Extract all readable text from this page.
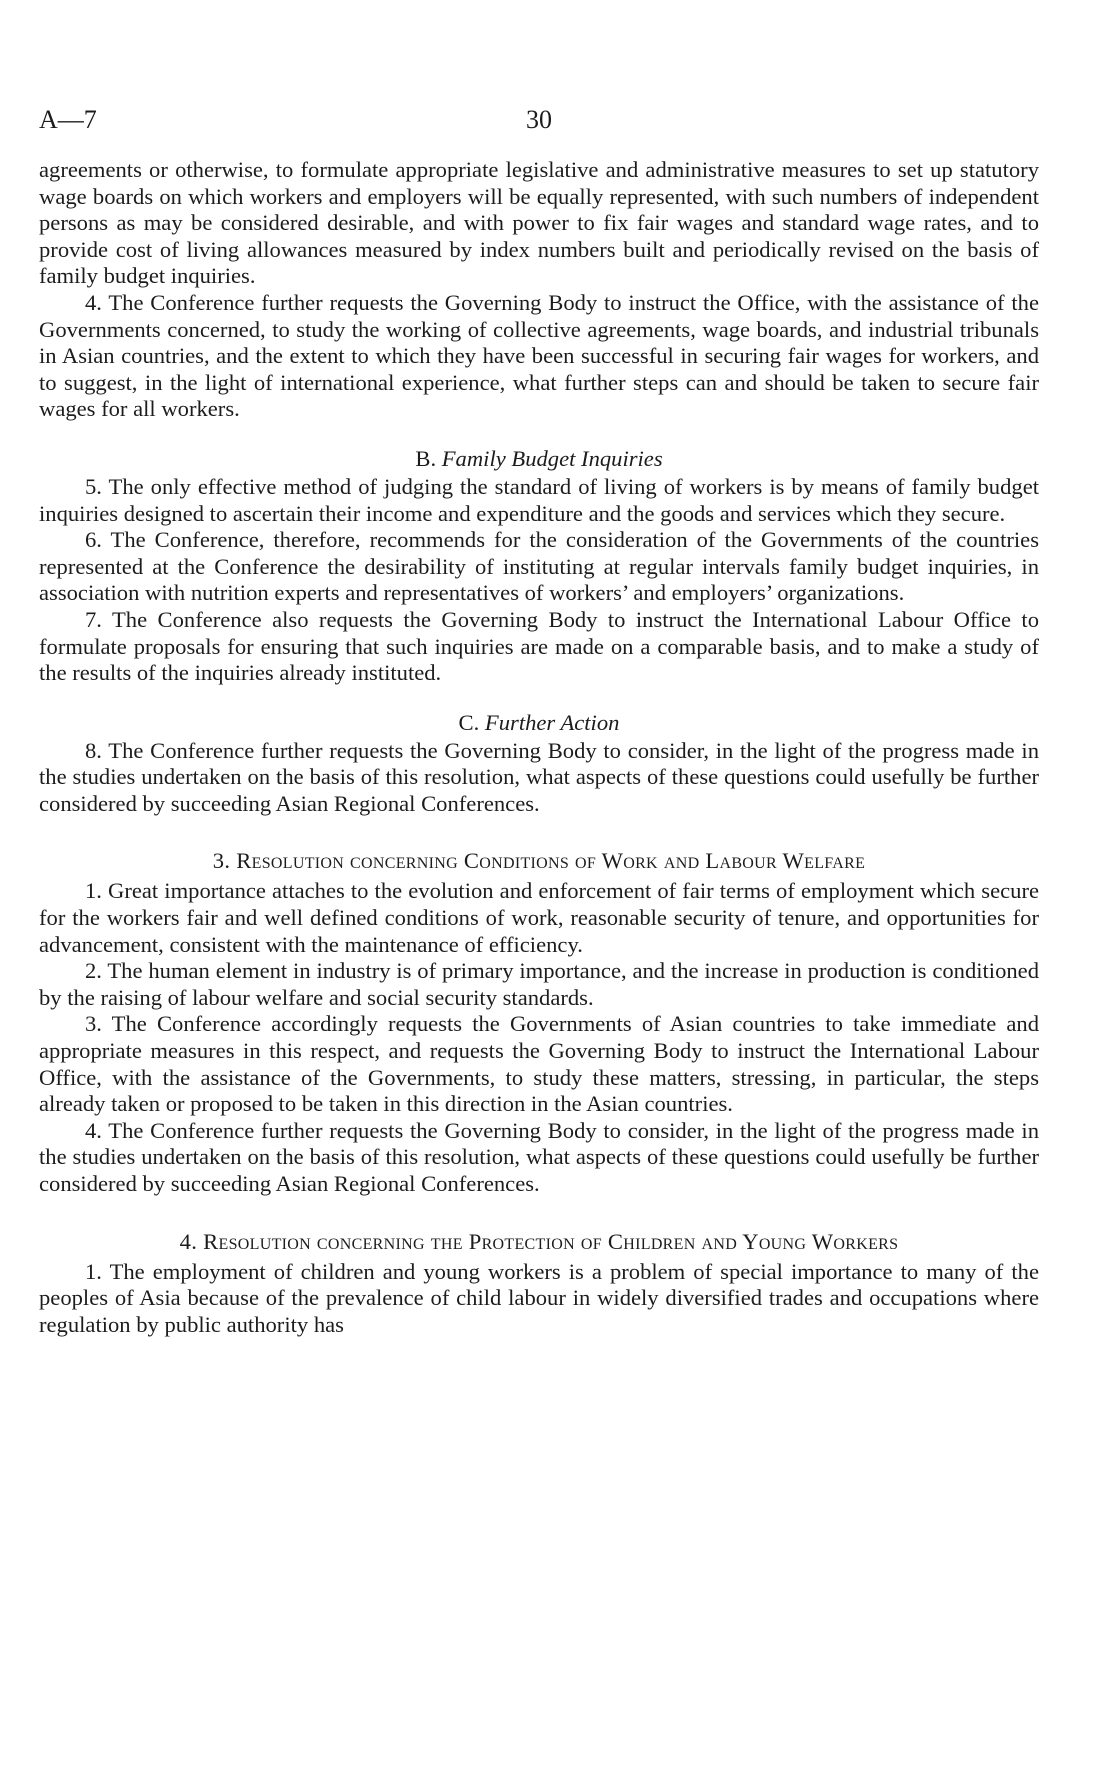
A—7	30

agreements or otherwise, to formulate appropriate legislative and administrative measures to set up statutory wage boards on which workers and employers will be equally represented, with such numbers of independent persons as may be considered desirable, and with power to fix fair wages and standard wage rates, and to provide cost of living allowances measured by index numbers built and periodically revised on the basis of family budget inquiries.

4. The Conference further requests the Governing Body to instruct the Office, with the assistance of the Governments concerned, to study the working of collective agreements, wage boards, and industrial tribunals in Asian countries, and the extent to which they have been successful in securing fair wages for workers, and to suggest, in the light of international experience, what further steps can and should be taken to secure fair wages for all workers.

B. Family Budget Inquiries

5. The only effective method of judging the standard of living of workers is by means of family budget inquiries designed to ascertain their income and expenditure and the goods and services which they secure.

6. The Conference, therefore, recommends for the consideration of the Governments of the countries represented at the Conference the desirability of instituting at regular intervals family budget inquiries, in association with nutrition experts and representatives of workers’ and employers’ organizations.

7. The Conference also requests the Governing Body to instruct the International Labour Office to formulate proposals for ensuring that such inquiries are made on a comparable basis, and to make a study of the results of the inquiries already instituted.

C. Further Action

8. The Conference further requests the Governing Body to consider, in the light of the progress made in the studies undertaken on the basis of this resolution, what aspects of these questions could usefully be further considered by succeeding Asian Regional Conferences.

3. Resolution concerning Conditions of Work and Labour Welfare

1. Great importance attaches to the evolution and enforcement of fair terms of employment which secure for the workers fair and well defined conditions of work, reasonable security of tenure, and opportunities for advancement, consistent with the maintenance of efficiency.

2. The human element in industry is of primary importance, and the increase in production is conditioned by the raising of labour welfare and social security standards.

3. The Conference accordingly requests the Governments of Asian countries to take immediate and appropriate measures in this respect, and requests the Governing Body to instruct the International Labour Office, with the assistance of the Governments, to study these matters, stressing, in particular, the steps already taken or proposed to be taken in this direction in the Asian countries.

4. The Conference further requests the Governing Body to consider, in the light of the progress made in the studies undertaken on the basis of this resolution, what aspects of these questions could usefully be further considered by succeeding Asian Regional Conferences.

4. Resolution concerning the Protection of Children and Young Workers

1. The employment of children and young workers is a problem of special importance to many of the peoples of Asia because of the prevalence of child labour in widely diversified trades and occupations where regulation by public authority has
